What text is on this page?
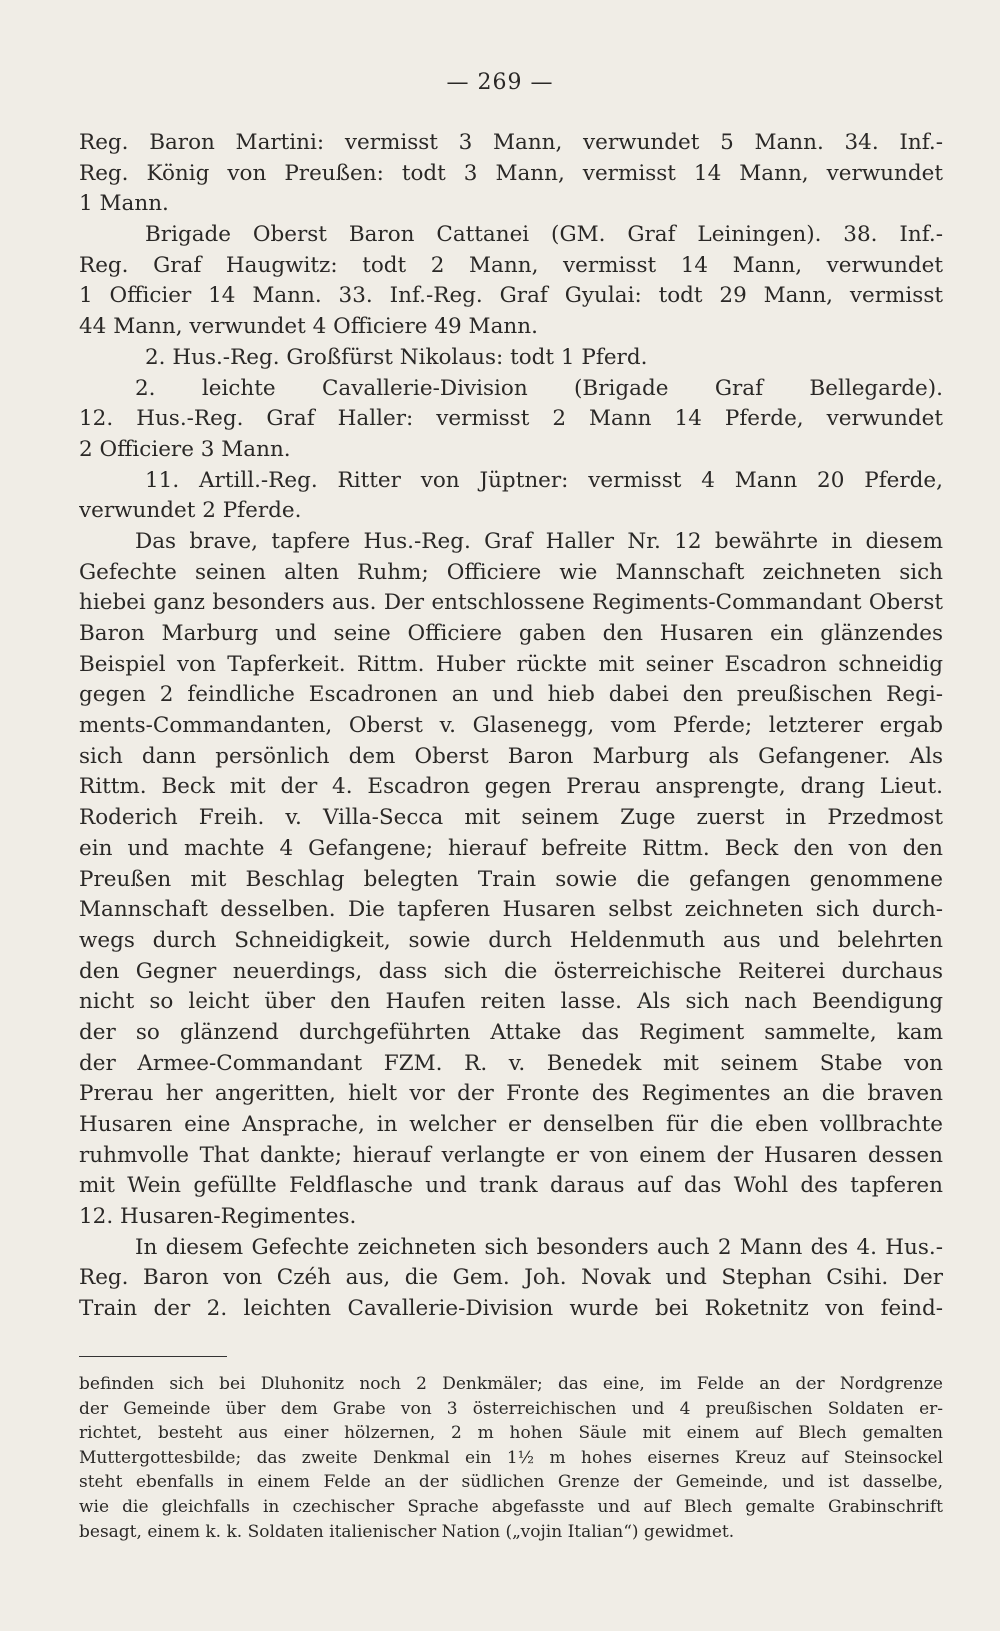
— 269 —
Reg. Baron Martini: vermisst 3 Mann, verwundet 5 Mann. 34. Inf.-
Reg. König von Preußen: todt 3 Mann, vermisst 14 Mann, verwundet
1 Mann.
Brigade Oberst Baron Cattanei (GM. Graf Leiningen). 38. Inf.-
Reg. Graf Haugwitz: todt 2 Mann, vermisst 14 Mann, verwundet
1 Officier 14 Mann. 33. Inf.-Reg. Graf Gyulai: todt 29 Mann, vermisst
44 Mann, verwundet 4 Officiere 49 Mann.
2. Hus.-Reg. Großfürst Nikolaus: todt 1 Pferd.
2. leichte Cavallerie-Division (Brigade Graf Bellegarde).
12. Hus.-Reg. Graf Haller: vermisst 2 Mann 14 Pferde, verwundet
2 Officiere 3 Mann.
11. Artill.-Reg. Ritter von Jüptner: vermisst 4 Mann 20 Pferde,
verwundet 2 Pferde.
Das brave, tapfere Hus.-Reg. Graf Haller Nr. 12 bewährte in diesem
Gefechte seinen alten Ruhm; Officiere wie Mannschaft zeichneten sich
hiebei ganz besonders aus. Der entschlossene Regiments-Commandant Oberst
Baron Marburg und seine Officiere gaben den Husaren ein glänzendes
Beispiel von Tapferkeit. Rittm. Huber rückte mit seiner Escadron schneidig
gegen 2 feindliche Escadronen an und hieb dabei den preußischen Regi-
ments-Commandanten, Oberst v. Glasenegg, vom Pferde; letzterer ergab
sich dann persönlich dem Oberst Baron Marburg als Gefangener. Als
Rittm. Beck mit der 4. Escadron gegen Prerau ansprengte, drang Lieut.
Roderich Freih. v. Villa-Secca mit seinem Zuge zuerst in Przedmost
ein und machte 4 Gefangene; hierauf befreite Rittm. Beck den von den
Preußen mit Beschlag belegten Train sowie die gefangen genommene
Mannschaft desselben. Die tapferen Husaren selbst zeichneten sich durch-
wegs durch Schneidigkeit, sowie durch Heldenmuth aus und belehrten
den Gegner neuerdings, dass sich die österreichische Reiterei durchaus
nicht so leicht über den Haufen reiten lasse. Als sich nach Beendigung
der so glänzend durchgeführten Attake das Regiment sammelte, kam
der Armee-Commandant FZM. R. v. Benedek mit seinem Stabe von
Prerau her angeritten, hielt vor der Fronte des Regimentes an die braven
Husaren eine Ansprache, in welcher er denselben für die eben vollbrachte
ruhmvolle That dankte; hierauf verlangte er von einem der Husaren dessen
mit Wein gefüllte Feldflasche und trank daraus auf das Wohl des tapferen
12. Husaren-Regimentes.
In diesem Gefechte zeichneten sich besonders auch 2 Mann des 4. Hus.-
Reg. Baron von Czéh aus, die Gem. Joh. Novak und Stephan Csihi. Der
Train der 2. leichten Cavallerie-Division wurde bei Roketnitz von feind-
befinden sich bei Dluhonitz noch 2 Denkmäler; das eine, im Felde an der Nordgrenze
der Gemeinde über dem Grabe von 3 österreichischen und 4 preußischen Soldaten er-
richtet, besteht aus einer hölzernen, 2 m hohen Säule mit einem auf Blech gemalten
Muttergottesbilde; das zweite Denkmal ein 1½ m hohes eisernes Kreuz auf Steinsockel
steht ebenfalls in einem Felde an der südlichen Grenze der Gemeinde, und ist dasselbe,
wie die gleichfalls in czechischer Sprache abgefasste und auf Blech gemalte Grabinschrift
besagt, einem k. k. Soldaten italienischer Nation („vojin Italian“) gewidmet.
